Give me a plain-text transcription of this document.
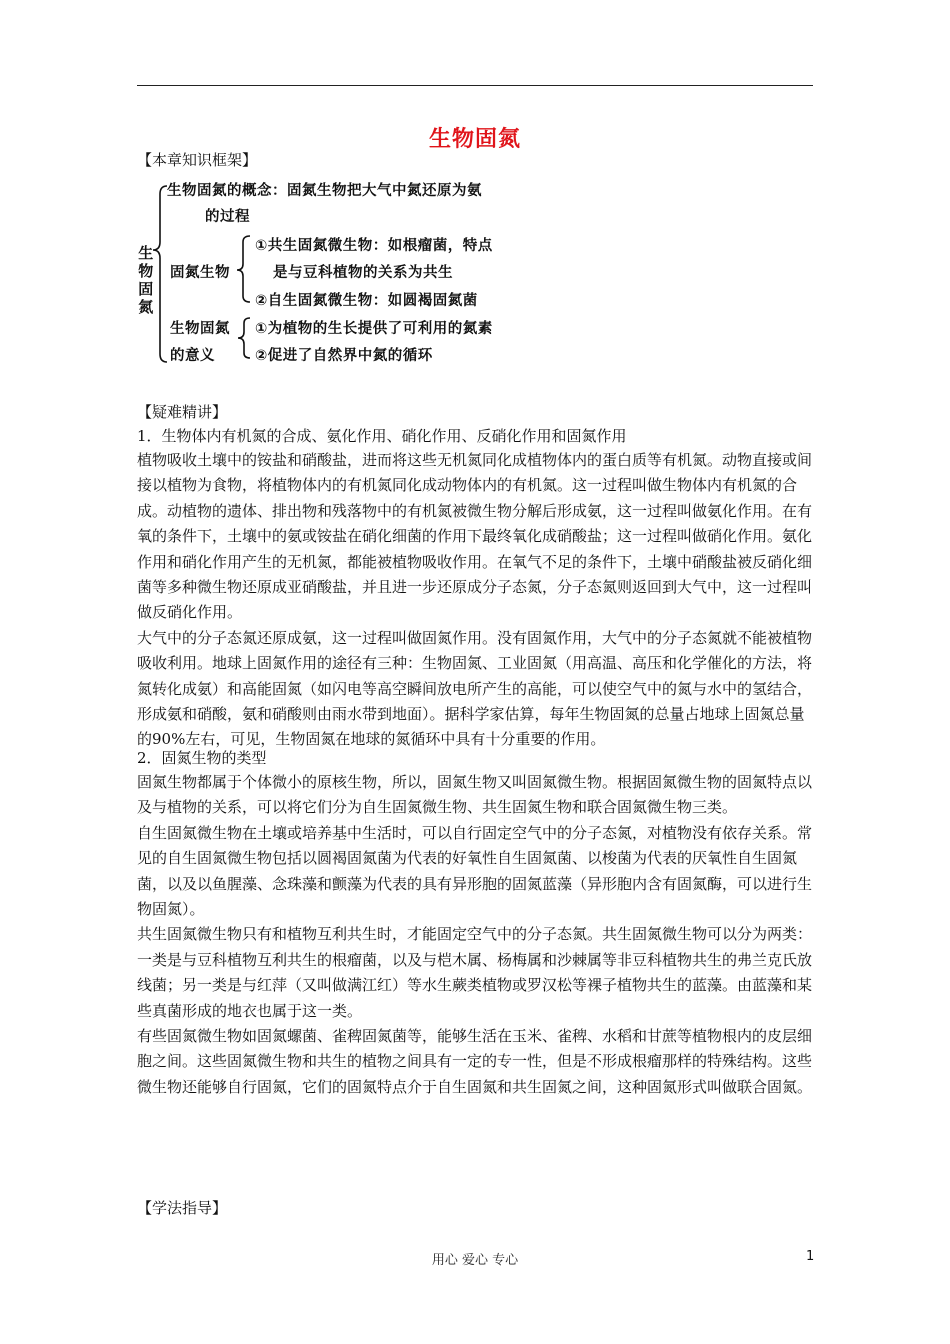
生物固氮
【本章知识框架】
生物固氮
生物固氮的概念：固氮生物把大气中氮还原为氨
的过程
固氮生物
①共生固氮微生物：如根瘤菌，特点
是与豆科植物的关系为共生
②自生固氮微生物：如圆褐固氮菌
生物固氮
的意义
①为植物的生长提供了可利用的氮素
②促进了自然界中氮的循环
【疑难精讲】
1．生物体内有机氮的合成、氨化作用、硝化作用、反硝化作用和固氮作用

植物吸收土壤中的铵盐和硝酸盐，进而将这些无机氮同化成植物体内的蛋白质等有机氮。动物直接或间接以植物为食物，将植物体内的有机氮同化成动物体内的有机氮。这一过程叫做生物体内有机氮的合成。动植物的遗体、排出物和残落物中的有机氮被微生物分解后形成氨，这一过程叫做氨化作用。在有氧的条件下，土壤中的氨或铵盐在硝化细菌的作用下最终氧化成硝酸盐；这一过程叫做硝化作用。氨化作用和硝化作用产生的无机氮，都能被植物吸收作用。在氧气不足的条件下，土壤中硝酸盐被反硝化细菌等多种微生物还原成亚硝酸盐，并且进一步还原成分子态氮，分子态氮则返回到大气中，这一过程叫做反硝化作用。

大气中的分子态氮还原成氨，这一过程叫做固氮作用。没有固氮作用，大气中的分子态氮就不能被植物吸收利用。地球上固氮作用的途径有三种：生物固氮、工业固氮（用高温、高压和化学催化的方法，将氮转化成氨）和高能固氮（如闪电等高空瞬间放电所产生的高能，可以使空气中的氮与水中的氢结合，形成氨和硝酸，氨和硝酸则由雨水带到地面）。据科学家估算，每年生物固氮的总量占地球上固氮总量的90%左右，可见，生物固氮在地球的氮循环中具有十分重要的作用。

2．固氮生物的类型

固氮生物都属于个体微小的原核生物，所以，固氮生物又叫固氮微生物。根据固氮微生物的固氮特点以及与植物的关系，可以将它们分为自生固氮微生物、共生固氮生物和联合固氮微生物三类。

自生固氮微生物在土壤或培养基中生活时，可以自行固定空气中的分子态氮，对植物没有依存关系。常见的自生固氮微生物包括以圆褐固氮菌为代表的好氧性自生固氮菌、以梭菌为代表的厌氧性自生固氮菌，以及以鱼腥藻、念珠藻和颤藻为代表的具有异形胞的固氮蓝藻（异形胞内含有固氮酶，可以进行生物固氮）。

共生固氮微生物只有和植物互利共生时，才能固定空气中的分子态氮。共生固氮微生物可以分为两类：一类是与豆科植物互利共生的根瘤菌，以及与桤木属、杨梅属和沙棘属等非豆科植物共生的弗兰克氏放线菌；另一类是与红萍（又叫做满江红）等水生蕨类植物或罗汉松等裸子植物共生的蓝藻。由蓝藻和某些真菌形成的地衣也属于这一类。

有些固氮微生物如固氮螺菌、雀稗固氮菌等，能够生活在玉米、雀稗、水稻和甘蔗等植物根内的皮层细胞之间。这些固氮微生物和共生的植物之间具有一定的专一性，但是不形成根瘤那样的特殊结构。这些微生物还能够自行固氮，它们的固氮特点介于自生固氮和共生固氮之间，这种固氮形式叫做联合固氮。

【学法指导】
用心 爱心 专心	1
